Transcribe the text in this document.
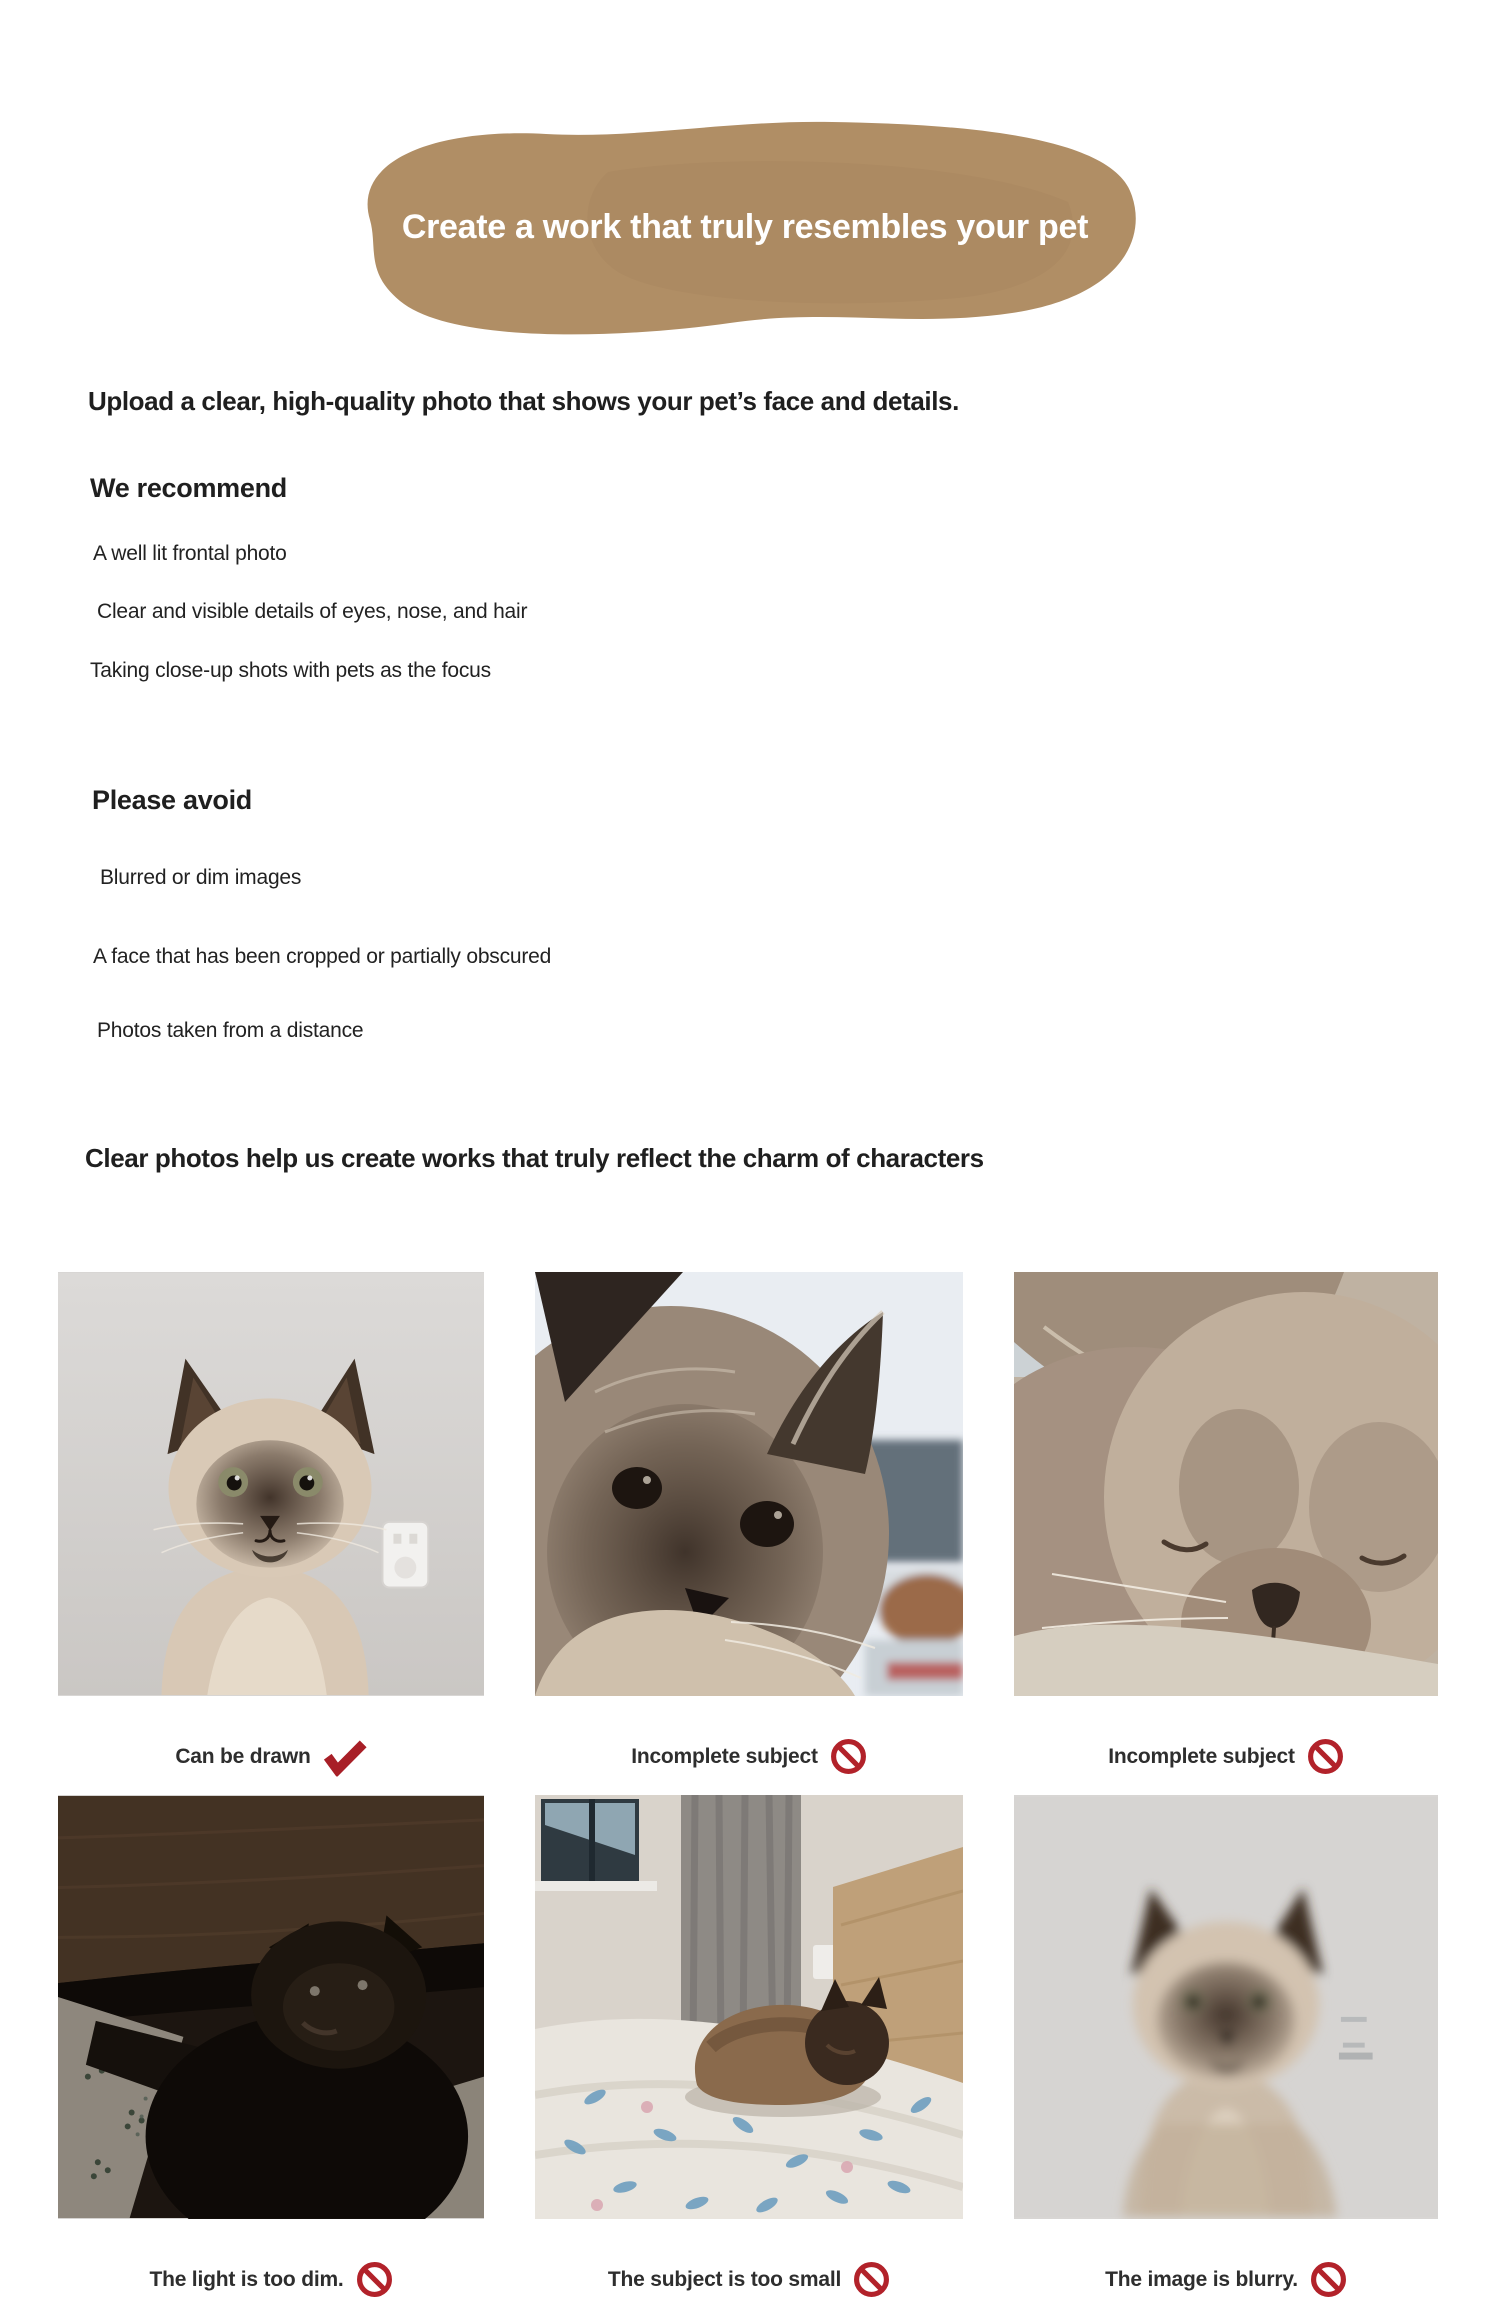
Create a work that truly resembles your pet
Upload a clear, high-quality photo that shows your pet’s face and details.
We recommend
A well lit frontal photo
Clear and visible details of eyes, nose, and hair
Taking close-up shots with pets as the focus
Please avoid
Blurred or dim images
A face that has been cropped or partially obscured
Photos taken from a distance
Clear photos help us create works that truly reflect the charm of characters
Can be drawn	Incomplete subject	Incomplete subject
The light is too dim.	The subject is too small	The image is blurry.
